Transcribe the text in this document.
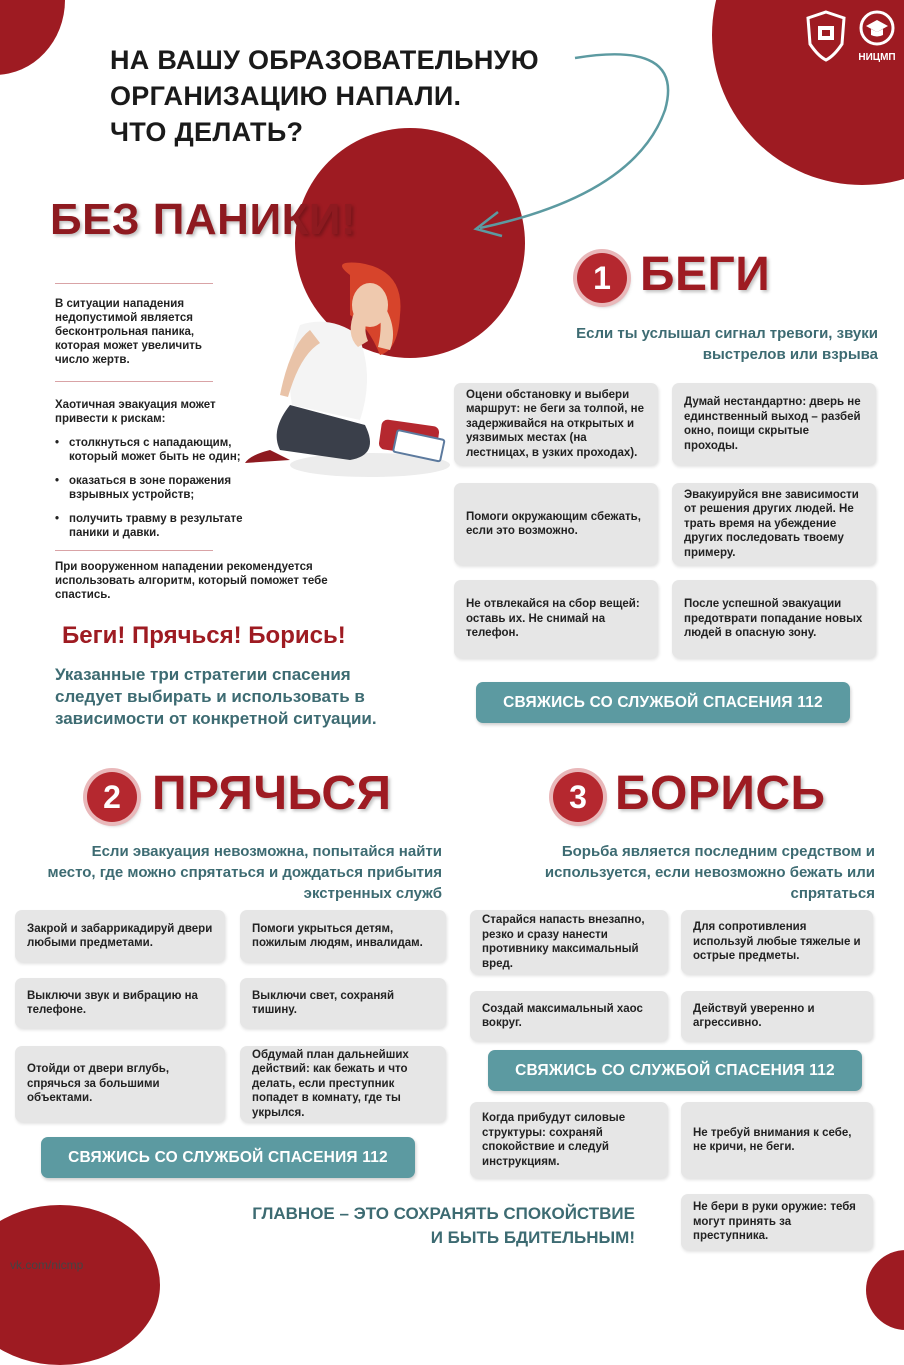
НИЦМП
НА ВАШУ ОБРАЗОВАТЕЛЬНУЮ
ОРГАНИЗАЦИЮ НАПАЛИ.
ЧТО ДЕЛАТЬ?
БЕЗ ПАНИКИ!
В ситуации нападения недопустимой является бесконтрольная паника, которая может увеличить число жертв.
Хаотичная эвакуация может привести к рискам:
• столкнуться с нападающим, который может быть не один;
• оказаться в зоне поражения взрывных устройств;
• получить травму в результате паники и давки.
При вооруженном нападении рекомендуется использовать алгоритм, который поможет тебе спастись.
Беги! Прячься! Борись!
Указанные три стратегии спасения следует выбирать и использовать в зависимости от конкретной ситуации.
1 БЕГИ
Если ты услышал сигнал тревоги, звуки выстрелов или взрыва
Оцени обстановку и выбери маршрут: не беги за толпой, не задерживайся на открытых и уязвимых местах (на лестницах, в узких проходах).
Думай нестандартно: дверь не единственный выход – разбей окно, поищи скрытые проходы.
Помоги окружающим сбежать, если это возможно.
Эвакуируйся вне зависимости от решения других людей. Не трать время на убеждение других последовать твоему примеру.
Не отвлекайся на сбор вещей: оставь их. Не снимай на телефон.
После успешной эвакуации предотврати попадание новых людей в опасную зону.
СВЯЖИСЬ СО СЛУЖБОЙ СПАСЕНИЯ 112
2 ПРЯЧЬСЯ
Если эвакуация невозможна, попытайся найти место, где можно спрятаться и дождаться прибытия экстренных служб
Закрой и забаррикадируй двери любыми предметами.
Помоги укрыться детям, пожилым людям, инвалидам.
Выключи звук и вибрацию на телефоне.
Выключи свет, сохраняй тишину.
Отойди от двери вглубь, спрячься за большими объектами.
Обдумай план дальнейших действий: как бежать и что делать, если преступник попадет в комнату, где ты укрылся.
СВЯЖИСЬ СО СЛУЖБОЙ СПАСЕНИЯ 112
3 БОРИСЬ
Борьба является последним средством и используется, если невозможно бежать или спрятаться
Старайся напасть внезапно, резко и сразу нанести противнику максимальный вред.
Для сопротивления используй любые тяжелые и острые предметы.
Создай максимальный хаос вокруг.
Действуй уверенно и агрессивно.
СВЯЖИСЬ СО СЛУЖБОЙ СПАСЕНИЯ 112
Когда прибудут силовые структуры: сохраняй спокойствие и следуй инструкциям.
Не требуй внимания к себе, не кричи, не беги.
Не бери в руки оружие: тебя могут принять за преступника.
ГЛАВНОЕ – ЭТО СОХРАНЯТЬ СПОКОЙСТВИЕ
И БЫТЬ БДИТЕЛЬНЫМ!
vk.com/nicmp
